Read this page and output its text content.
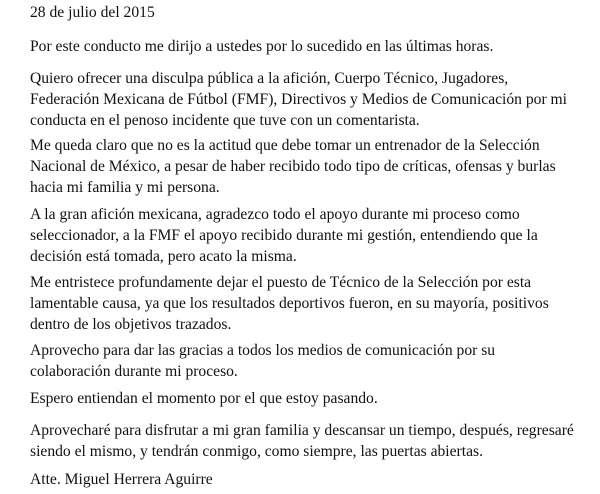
28 de julio del 2015
Por este conducto me dirijo a ustedes por lo sucedido en las últimas horas.
Quiero ofrecer una disculpa pública a la afición, Cuerpo Técnico, Jugadores,
Federación Mexicana de Fútbol (FMF), Directivos y Medios de Comunicación por mi
conducta en el penoso incidente que tuve con un comentarista.
Me queda claro que no es la actitud que debe tomar un entrenador de la Selección
Nacional de México, a pesar de haber recibido todo tipo de críticas, ofensas y burlas
hacia mi familia y mi persona.
A la gran afición mexicana, agradezco todo el apoyo durante mi proceso como
seleccionador, a la FMF el apoyo recibido durante mi gestión, entendiendo que la
decisión está tomada, pero acato la misma.
Me entristece profundamente dejar el puesto de Técnico de la Selección por esta
lamentable causa, ya que los resultados deportivos fueron, en su mayoría, positivos
dentro de los objetivos trazados.
Aprovecho para dar las gracias a todos los medios de comunicación por su
colaboración durante mi proceso.
Espero entiendan el momento por el que estoy pasando.
Aprovecharé para disfrutar a mi gran familia y descansar un tiempo, después, regresaré
siendo el mismo, y tendrán conmigo, como siempre, las puertas abiertas.
Atte. Miguel Herrera Aguirre
